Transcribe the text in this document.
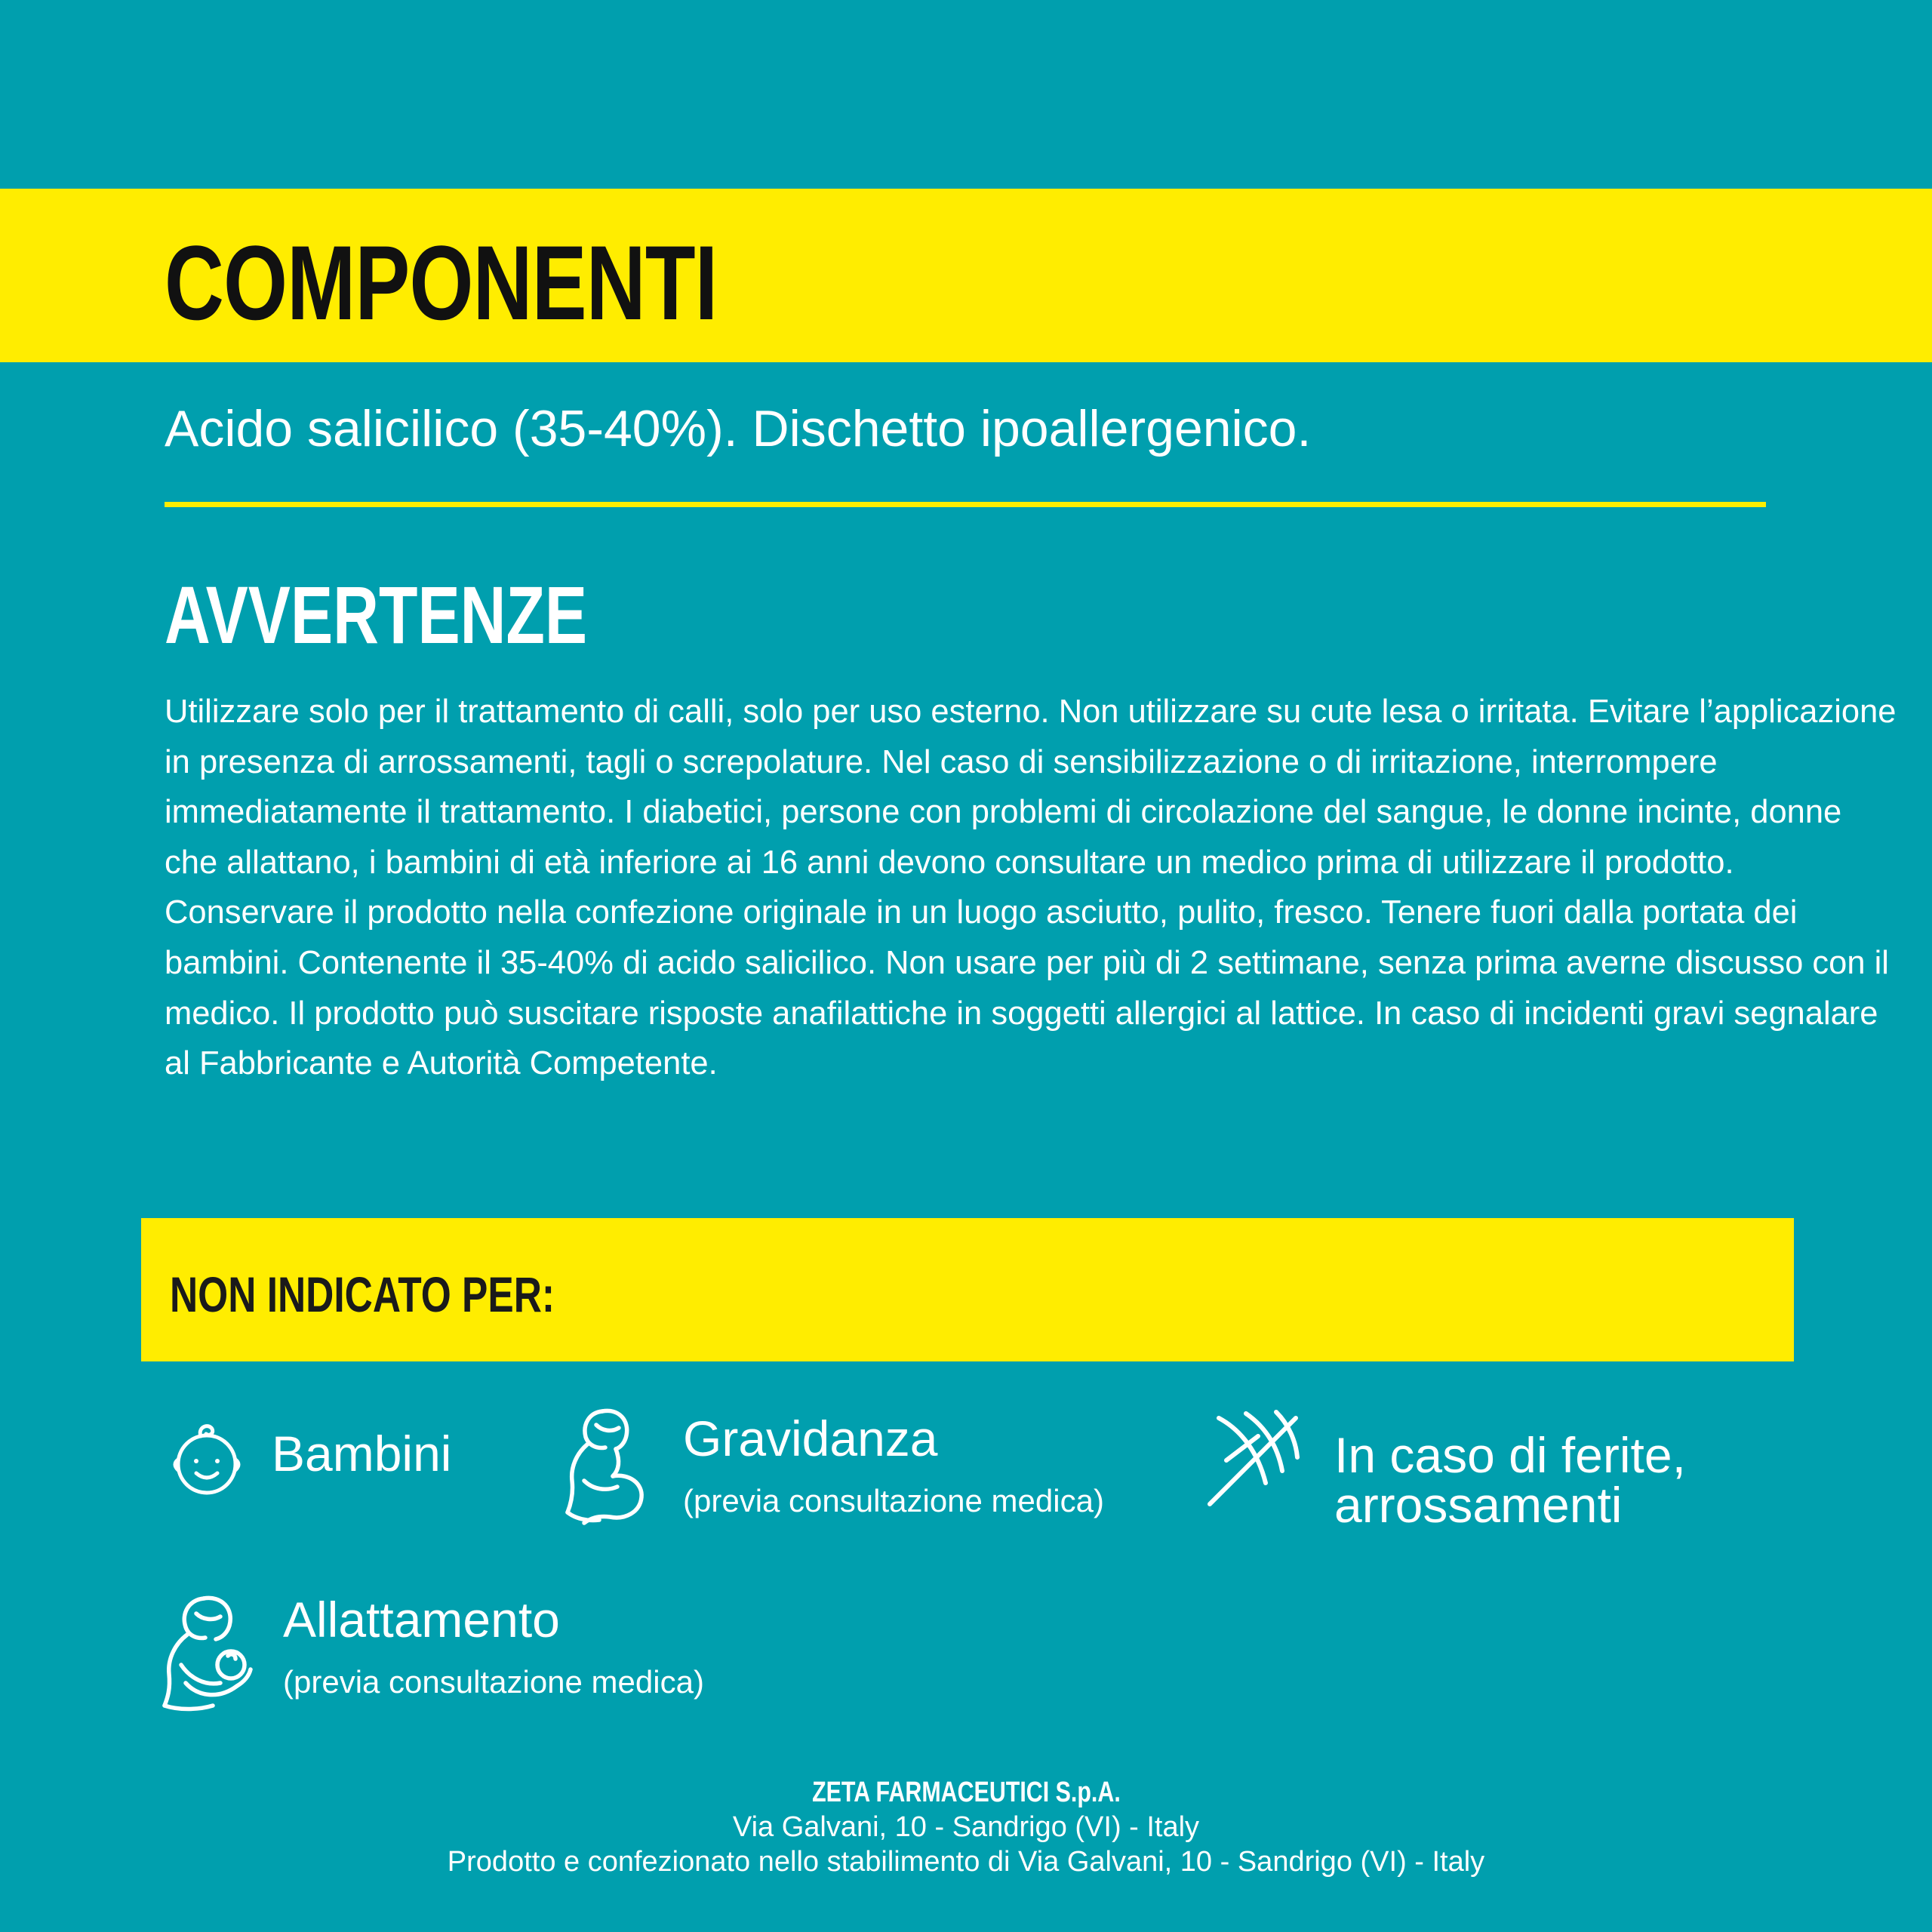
COMPONENTI
Acido salicilico (35-40%). Dischetto ipoallergenico.
AVVERTENZE

Utilizzare solo per il trattamento di calli, solo per uso esterno. Non utilizzare su cute lesa o irritata. Evitare l’applicazione in presenza di arrossamenti, tagli o screpolature. Nel caso di sensibilizzazione o di irritazione, interrompere immediatamente il trattamento. I diabetici, persone con problemi di circolazione del sangue, le donne incinte, donne che allattano, i bambini di età inferiore ai 16 anni devono consultare un medico prima di utilizzare il prodotto. Conservare il prodotto nella confezione originale in un luogo asciutto, pulito, fresco. Tenere fuori dalla portata dei bambini. Contenente il 35-40% di acido salicilico. Non usare per più di 2 settimane, senza prima averne discusso con il medico. Il prodotto può suscitare risposte anafilattiche in soggetti allergici al lattice. In caso di incidenti gravi segnalare al Fabbricante e Autorità Competente.

NON INDICATO PER:
Bambini	Gravidanza
(previa consultazione medica)
In caso di ferite,
arrossamenti
Allattamento
(previa consultazione medica)
ZETA FARMACEUTICI S.p.A.
Via Galvani, 10 - Sandrigo (VI) - Italy
Prodotto e confezionato nello stabilimento di Via Galvani, 10 - Sandrigo (VI) - Italy
